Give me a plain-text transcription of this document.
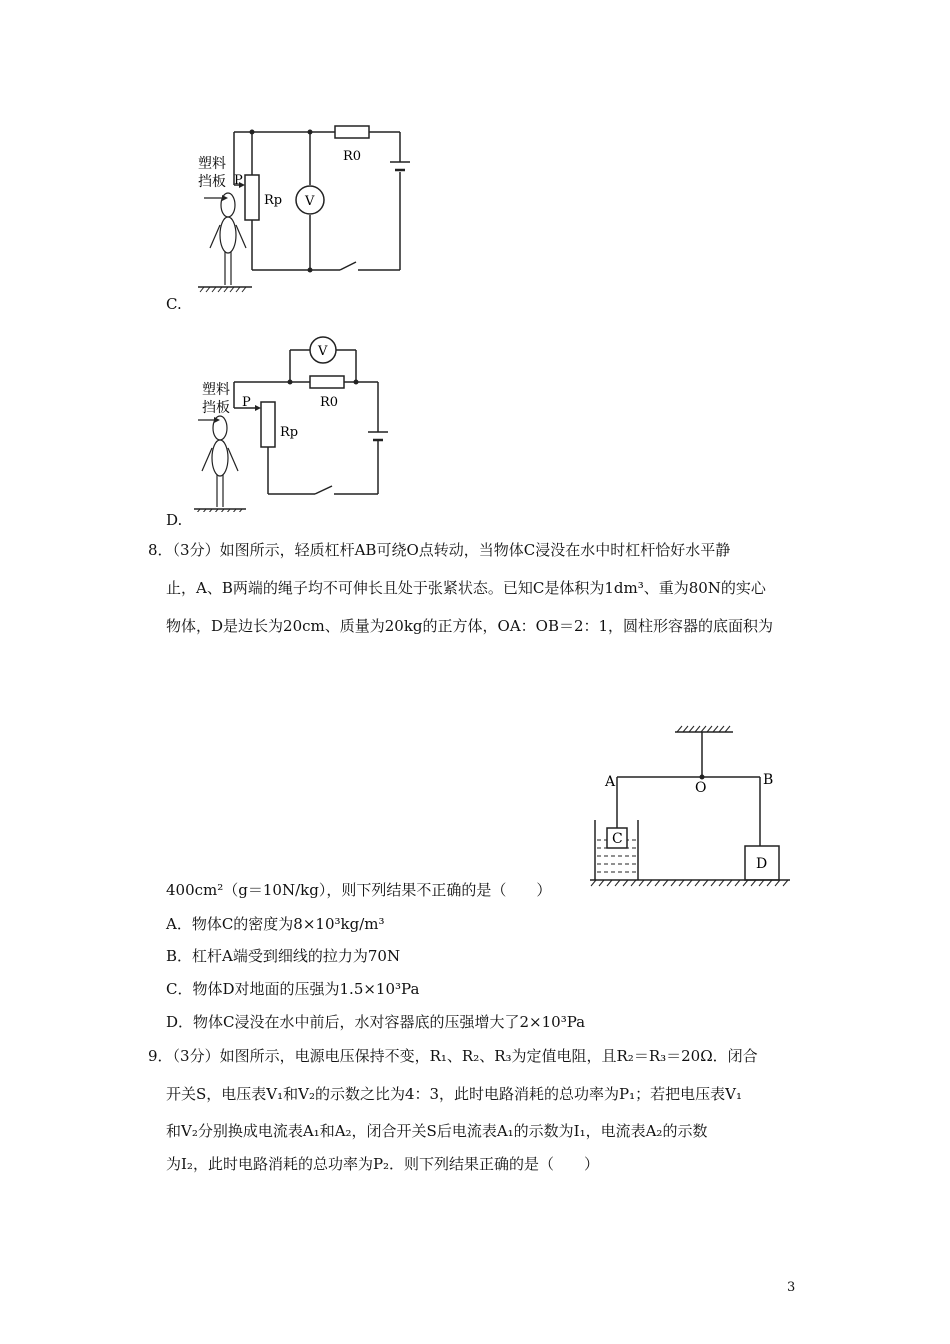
塑料
挡板 P
Rp
R0
V
C.
塑料
挡板 P
Rp
R0
V
D.
8．（3分）如图所示，轻质杠杆AB可绕O点转动，当物体C浸没在水中时杠杆恰好水平静
止，A、B两端的绳子均不可伸长且处于张紧状态。已知C是体积为1dm³、重为80N的实心
物体，D是边长为20cm、质量为20kg的正方体，OA：OB＝2：1，圆柱形容器的底面积为
A	O	B
C
D
400cm²（g＝10N/kg），则下列结果不正确的是（　　）
A．物体C的密度为8×10³kg/m³
B．杠杆A端受到细线的拉力为70N
C．物体D对地面的压强为1.5×10³Pa
D．物体C浸没在水中前后，水对容器底的压强增大了2×10³Pa
9．（3分）如图所示，电源电压保持不变，R₁、R₂、R₃为定值电阻，且R₂＝R₃＝20Ω．闭合
开关S，电压表V₁和V₂的示数之比为4：3，此时电路消耗的总功率为P₁；若把电压表V₁
和V₂分别换成电流表A₁和A₂，闭合开关S后电流表A₁的示数为I₁，电流表A₂的示数
为I₂，此时电路消耗的总功率为P₂．则下列结果正确的是（　　）
3
